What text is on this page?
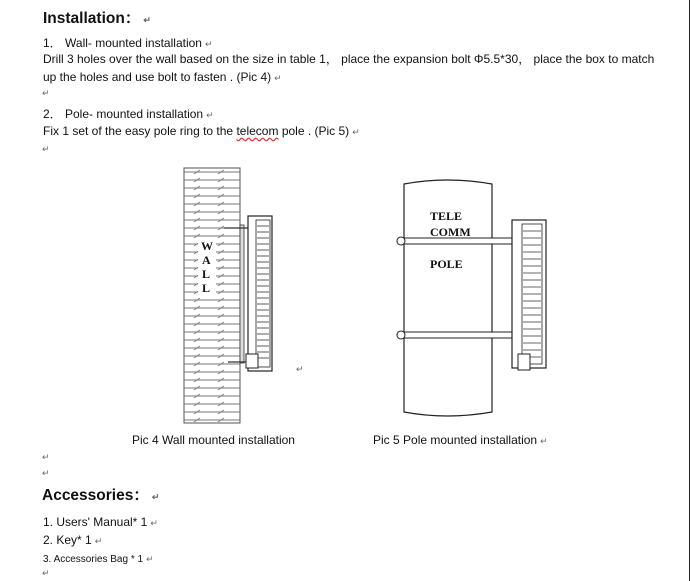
Installation： ↵
1． Wall- mounted installation ↵
Drill 3 holes over the wall based on the size in table 1， place the expansion bolt Φ5.5*30， place the box to match
up the holes and use bolt to fasten . (Pic 4) ↵
↵
2． Pole- mounted installation ↵
Fix 1 set of the easy pole ring to the telecom pole . (Pic 5) ↵
↵
W
A
L
L
↵
TELE
COMM
POLE
Pic 4 Wall mounted installation	Pic 5 Pole mounted installation ↵
↵
↵
Accessories： ↵
1. Users' Manual* 1 ↵
2. Key* 1 ↵
3. Accessories Bag * 1 ↵
↵
